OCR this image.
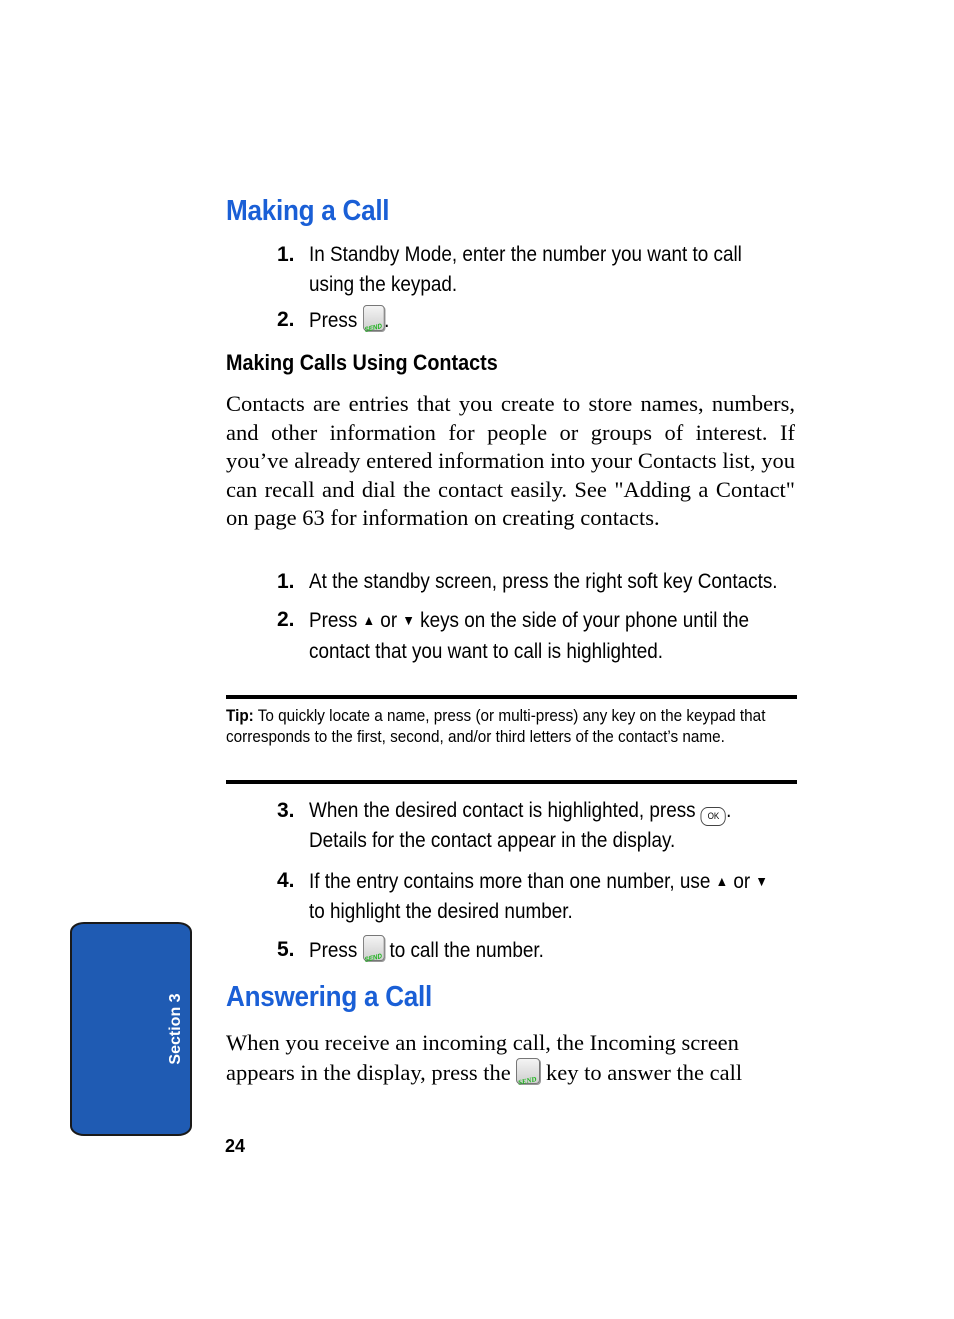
Making a Call
1. In Standby Mode, enter the number you want to call
using the keypad.
2. Press SEND .
Making Calls Using Contacts
Contacts are entries that you create to store names, numbers, and other information for people or groups of interest. If you’ve already entered information into your Contacts list, you can recall and dial the contact easily. See "Adding a Contact" on page 63 for information on creating contacts.
1. At the standby screen, press the right soft key Contacts.
2. Press ▲ or ▼ keys on the side of your phone until the
contact that you want to call is highlighted.
Tip: To quickly locate a name, press (or multi-press) any key on the keypad that corresponds to the first, second, and/or third letters of the contact’s name.
3. When the desired contact is highlighted, press OK .
Details for the contact appear in the display.
4. If the entry contains more than one number, use ▲ or ▼
to highlight the desired number.
5. Press SEND to call the number.
Answering a Call
When you receive an incoming call, the Incoming screen
appears in the display, press the SEND key to answer the call
Section 3
24
